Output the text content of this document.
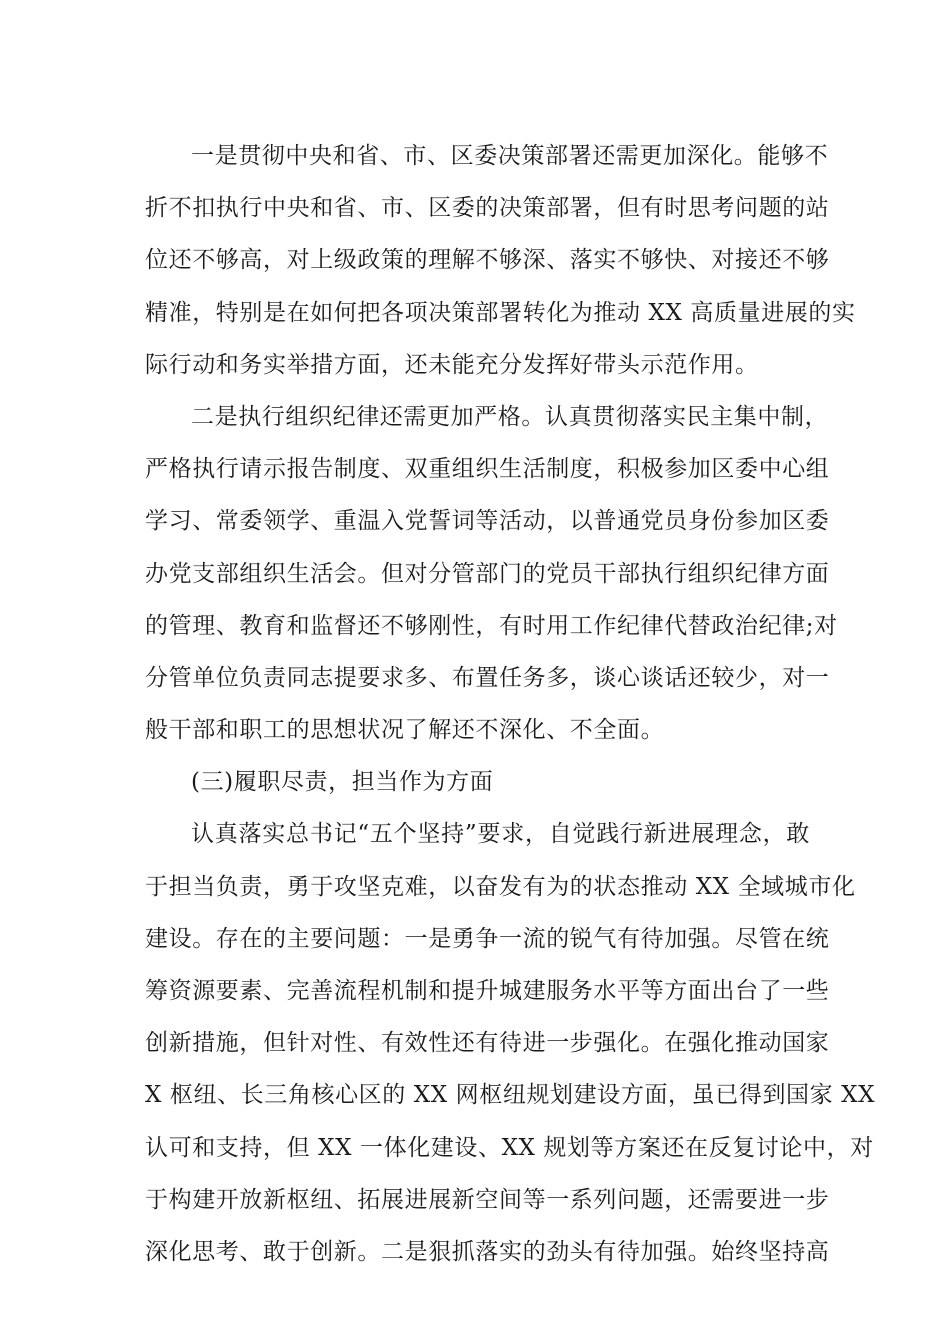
一是贯彻中央和省、市、区委决策部署还需更加深化。能够不
折不扣执行中央和省、市、区委的决策部署，但有时思考问题的站
位还不够高，对上级政策的理解不够深、落实不够快、对接还不够
精准，特别是在如何把各项决策部署转化为推动 XX 高质量进展的实
际行动和务实举措方面，还未能充分发挥好带头示范作用。
二是执行组织纪律还需更加严格。认真贯彻落实民主集中制，
严格执行请示报告制度、双重组织生活制度，积极参加区委中心组
学习、常委领学、重温入党誓词等活动，以普通党员身份参加区委
办党支部组织生活会。但对分管部门的党员干部执行组织纪律方面
的管理、教育和监督还不够刚性，有时用工作纪律代替政治纪律;对
分管单位负责同志提要求多、布置任务多，谈心谈话还较少，对一
般干部和职工的思想状况了解还不深化、不全面。
(三)履职尽责，担当作为方面
认真落实总书记“五个坚持”要求，自觉践行新进展理念，敢
于担当负责，勇于攻坚克难，以奋发有为的状态推动 XX 全域城市化
建设。存在的主要问题：一是勇争一流的锐气有待加强。尽管在统
筹资源要素、完善流程机制和提升城建服务水平等方面出台了一些
创新措施，但针对性、有效性还有待进一步强化。在强化推动国家
X 枢纽、长三角核心区的 XX 网枢纽规划建设方面，虽已得到国家 XX
认可和支持，但 XX 一体化建设、XX 规划等方案还在反复讨论中，对
于构建开放新枢纽、拓展进展新空间等一系列问题，还需要进一步
深化思考、敢于创新。二是狠抓落实的劲头有待加强。始终坚持高
